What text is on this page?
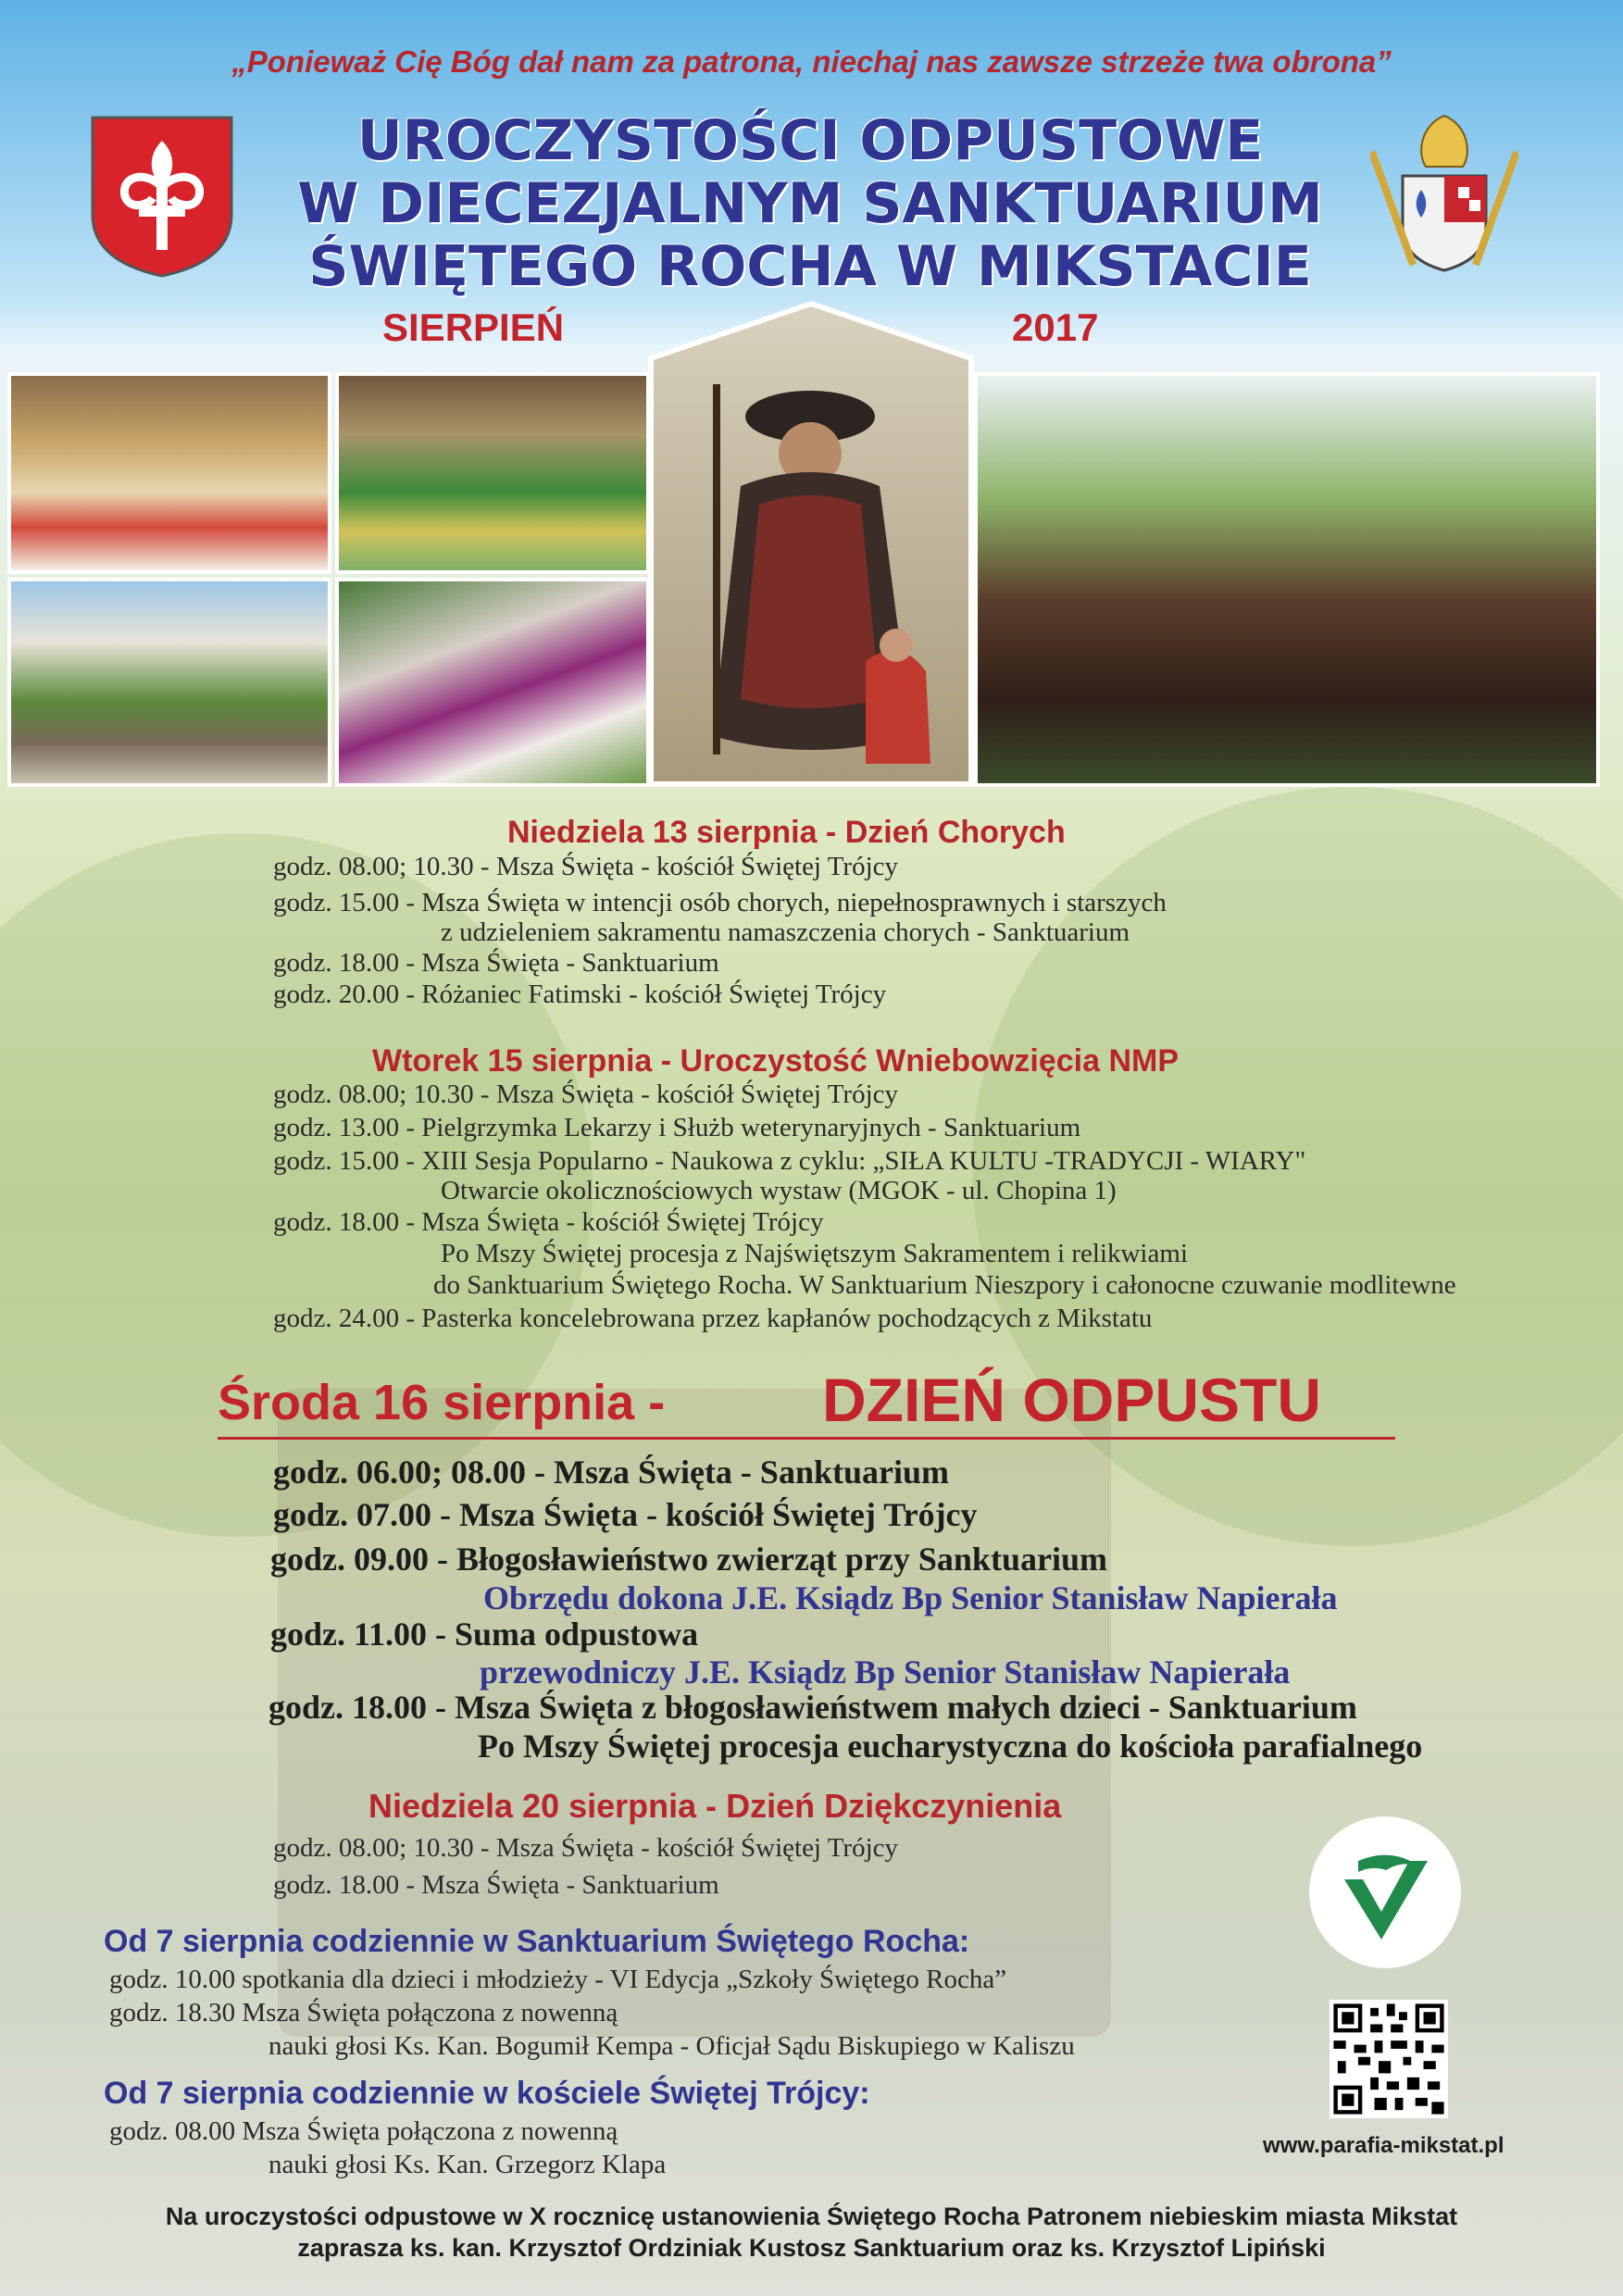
„Ponieważ Cię Bóg dał nam za patrona, niechaj nas zawsze strzeże twa obrona”
UROCZYSTOŚCI ODPUSTOWE
W DIECEZJALNYM SANKTUARIUM
ŚWIĘTEGO ROCHA W MIKSTACIE
SIERPIEŃ	2017
Niedziela 13 sierpnia - Dzień Chorych
godz. 08.00; 10.30 - Msza Święta - kościół Świętej Trójcy
godz. 15.00 - Msza Święta w intencji osób chorych, niepełnosprawnych i starszych
z udzieleniem sakramentu namaszczenia chorych - Sanktuarium
godz. 18.00 - Msza Święta - Sanktuarium
godz. 20.00 - Różaniec Fatimski - kościół Świętej Trójcy
Wtorek 15 sierpnia - Uroczystość Wniebowzięcia NMP
godz. 08.00; 10.30 - Msza Święta - kościół Świętej Trójcy
godz. 13.00 - Pielgrzymka Lekarzy i Służb weterynaryjnych - Sanktuarium
godz. 15.00 - XIII Sesja Popularno - Naukowa z cyklu: „SIŁA KULTU -TRADYCJI - WIARY"
Otwarcie okolicznościowych wystaw (MGOK - ul. Chopina 1)
godz. 18.00 - Msza Święta - kościół Świętej Trójcy
Po Mszy Świętej procesja z Najświętszym Sakramentem i relikwiami
do Sanktuarium Świętego Rocha. W Sanktuarium Nieszpory i całonocne czuwanie modlitewne
godz. 24.00 - Pasterka koncelebrowana przez kapłanów pochodzących z Mikstatu
Środa 16 sierpnia -	DZIEŃ ODPUSTU
godz. 06.00; 08.00 - Msza Święta - Sanktuarium
godz. 07.00 - Msza Święta - kościół Świętej Trójcy
godz. 09.00 - Błogosławieństwo zwierząt przy Sanktuarium
Obrzędu dokona J.E. Ksiądz Bp Senior Stanisław Napierała
godz. 11.00 - Suma odpustowa
przewodniczy J.E. Ksiądz Bp Senior Stanisław Napierała
godz. 18.00 - Msza Święta z błogosławieństwem małych dzieci - Sanktuarium
Po Mszy Świętej procesja eucharystyczna do kościoła parafialnego
Niedziela 20 sierpnia - Dzień Dziękczynienia
godz. 08.00; 10.30 - Msza Święta - kościół Świętej Trójcy
godz. 18.00 - Msza Święta - Sanktuarium
Od 7 sierpnia codziennie w Sanktuarium Świętego Rocha:
godz. 10.00 spotkania dla dzieci i młodzieży - VI Edycja „Szkoły Świętego Rocha”
godz. 18.30 Msza Święta połączona z nowenną
nauki głosi Ks. Kan. Bogumił Kempa - Oficjał Sądu Biskupiego w Kaliszu
Od 7 sierpnia codziennie w kościele Świętej Trójcy:
godz. 08.00 Msza Święta połączona z nowenną
nauki głosi Ks. Kan. Grzegorz Klapa
www.parafia-mikstat.pl
Na uroczystości odpustowe w X rocznicę ustanowienia Świętego Rocha Patronem niebieskim miasta Mikstat
zaprasza ks. kan. Krzysztof Ordziniak Kustosz Sanktuarium oraz ks. Krzysztof Lipiński
